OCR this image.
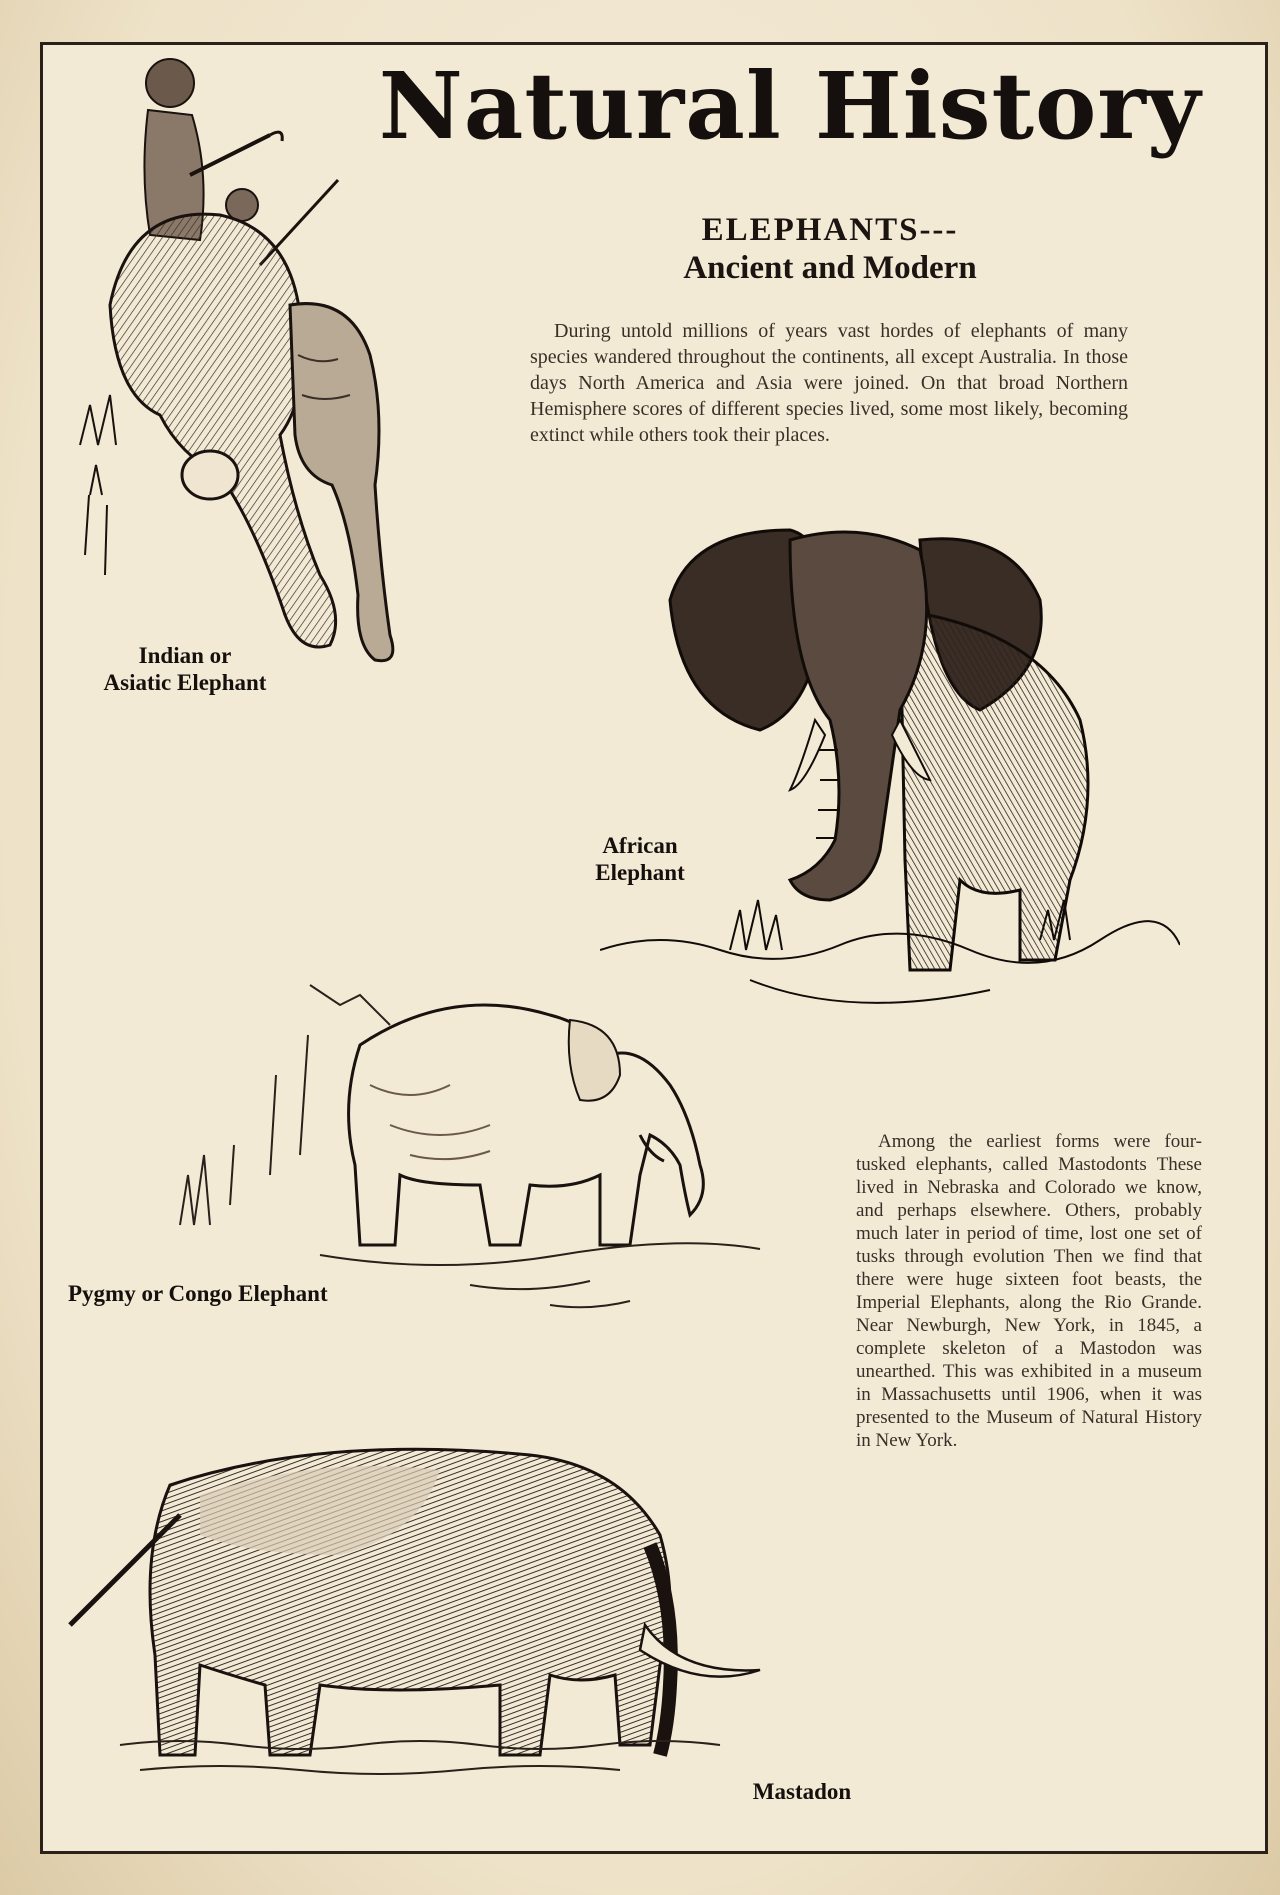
Natural History
ELEPHANTS---
Ancient and Modern

During untold millions of years vast hordes of elephants of many species wandered throughout the continents, all except Australia. In those days North America and Asia were joined. On that broad Northern Hemisphere scores of different species lived, some most likely, becoming extinct while others took their places.

Among the earliest forms were four-tusked elephants, called Mastodonts These lived in Nebraska and Colorado we know, and perhaps elsewhere. Others, probably much later in period of time, lost one set of tusks through evolution Then we find that there were huge sixteen foot beasts, the Imperial Elephants, along the Rio Grande. Near Newburgh, New York, in 1845, a complete skeleton of a Mastodon was unearthed. This was exhibited in a museum in Massachusetts until 1906, when it was presented to the Museum of Natural History in New York.

Indian or
Asiatic Elephant
African
Elephant
Pygmy or Congo Elephant
Mastadon
